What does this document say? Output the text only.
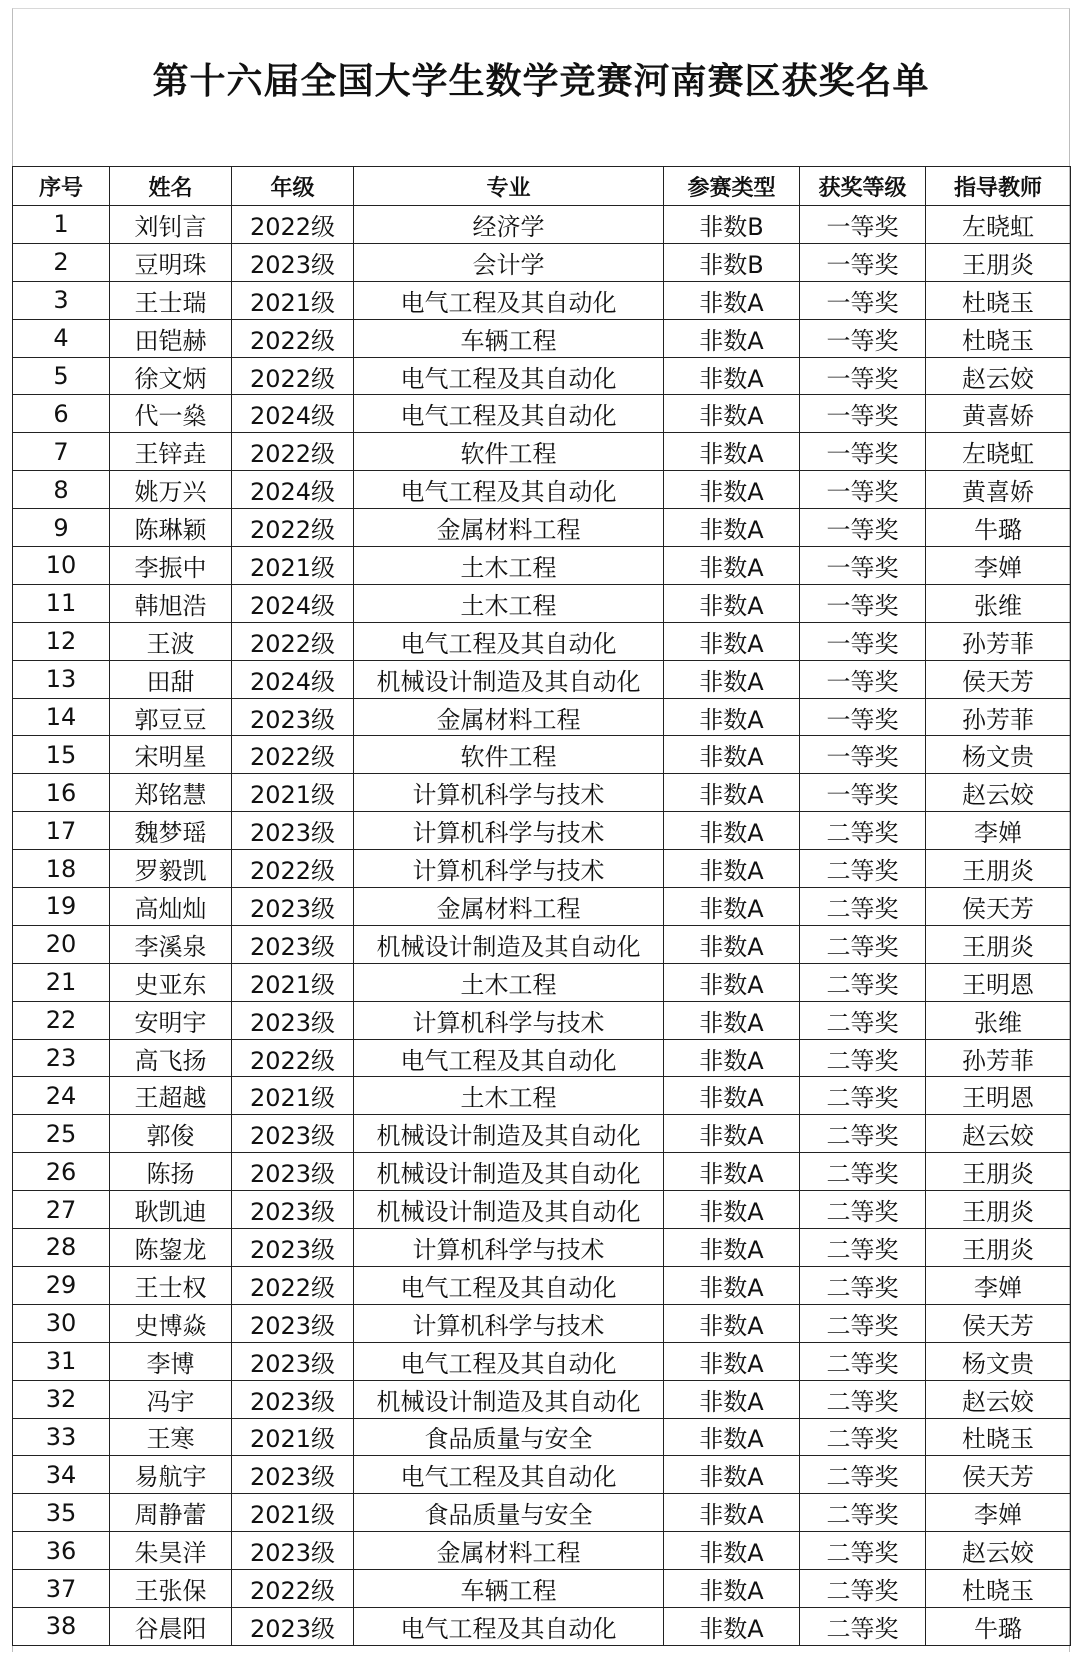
第十六届全国大学生数学竞赛河南赛区获奖名单
序号	姓名	年级	专业	参赛类型	获奖等级	指导教师
1	刘钊言	2022级	经济学	非数B	一等奖	左晓虹
2	豆明珠	2023级	会计学	非数B	一等奖	王朋炎
3	王士瑞	2021级	电气工程及其自动化	非数A	一等奖	杜晓玉
4	田铠赫	2022级	车辆工程	非数A	一等奖	杜晓玉
5	徐文炳	2022级	电气工程及其自动化	非数A	一等奖	赵云姣
6	代一燊	2024级	电气工程及其自动化	非数A	一等奖	黄喜娇
7	王锌垚	2022级	软件工程	非数A	一等奖	左晓虹
8	姚万兴	2024级	电气工程及其自动化	非数A	一等奖	黄喜娇
9	陈琳颖	2022级	金属材料工程	非数A	一等奖	牛璐
10	李振中	2021级	土木工程	非数A	一等奖	李婵
11	韩旭浩	2024级	土木工程	非数A	一等奖	张维
12	王波	2022级	电气工程及其自动化	非数A	一等奖	孙芳菲
13	田甜	2024级	机械设计制造及其自动化	非数A	一等奖	侯天芳
14	郭豆豆	2023级	金属材料工程	非数A	一等奖	孙芳菲
15	宋明星	2022级	软件工程	非数A	一等奖	杨文贵
16	郑铭慧	2021级	计算机科学与技术	非数A	一等奖	赵云姣
17	魏梦瑶	2023级	计算机科学与技术	非数A	二等奖	李婵
18	罗毅凯	2022级	计算机科学与技术	非数A	二等奖	王朋炎
19	高灿灿	2023级	金属材料工程	非数A	二等奖	侯天芳
20	李溪泉	2023级	机械设计制造及其自动化	非数A	二等奖	王朋炎
21	史亚东	2021级	土木工程	非数A	二等奖	王明恩
22	安明宇	2023级	计算机科学与技术	非数A	二等奖	张维
23	高飞扬	2022级	电气工程及其自动化	非数A	二等奖	孙芳菲
24	王超越	2021级	土木工程	非数A	二等奖	王明恩
25	郭俊	2023级	机械设计制造及其自动化	非数A	二等奖	赵云姣
26	陈扬	2023级	机械设计制造及其自动化	非数A	二等奖	王朋炎
27	耿凯迪	2023级	机械设计制造及其自动化	非数A	二等奖	王朋炎
28	陈鋆龙	2023级	计算机科学与技术	非数A	二等奖	王朋炎
29	王士权	2022级	电气工程及其自动化	非数A	二等奖	李婵
30	史博焱	2023级	计算机科学与技术	非数A	二等奖	侯天芳
31	李博	2023级	电气工程及其自动化	非数A	二等奖	杨文贵
32	冯宇	2023级	机械设计制造及其自动化	非数A	二等奖	赵云姣
33	王寒	2021级	食品质量与安全	非数A	二等奖	杜晓玉
34	易航宇	2023级	电气工程及其自动化	非数A	二等奖	侯天芳
35	周静蕾	2021级	食品质量与安全	非数A	二等奖	李婵
36	朱昊洋	2023级	金属材料工程	非数A	二等奖	赵云姣
37	王张保	2022级	车辆工程	非数A	二等奖	杜晓玉
38	谷晨阳	2023级	电气工程及其自动化	非数A	二等奖	牛璐
